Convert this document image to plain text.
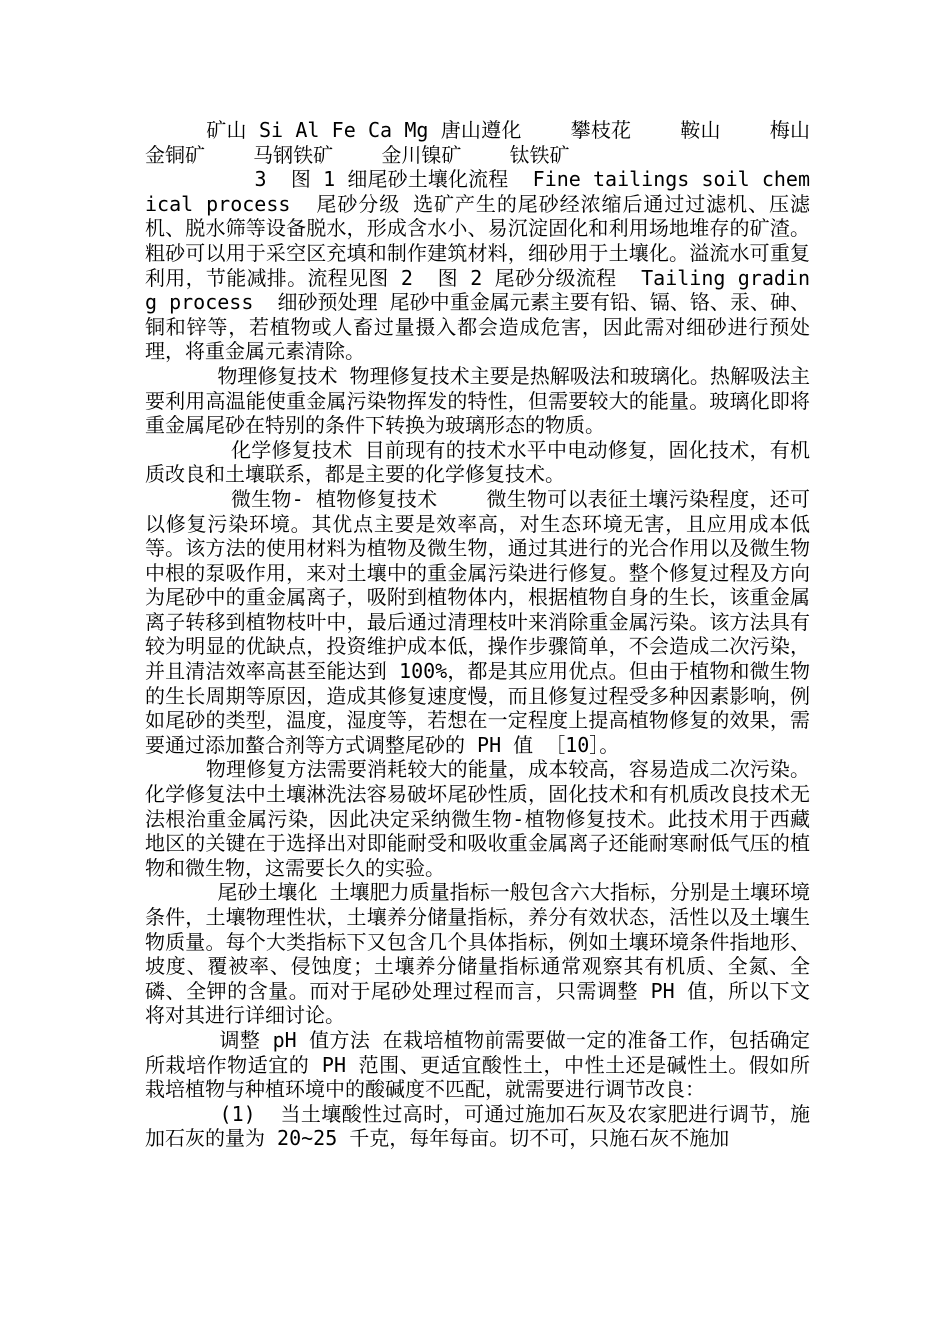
矿山 Si Al Fe Ca Mg 唐山遵化    攀枝花    鞍山    梅山金铜矿    马钢铁矿    金川镍矿    钛铁矿

3  图 1 细尾砂土壤化流程  Fine tailings soil chemical process  尾砂分级 选矿产生的尾砂经浓缩后通过过滤机、压滤机、脱水筛等设备脱水，形成含水小、易沉淀固化和利用场地堆存的矿渣。粗砂可以用于采空区充填和制作建筑材料，细砂用于土壤化。溢流水可重复利用，节能减排。流程见图 2  图 2 尾砂分级流程  Tailing grading process  细砂预处理 尾砂中重金属元素主要有铅、镉、铬、汞、砷、铜和锌等，若植物或人畜过量摄入都会造成危害，因此需对细砂进行预处理，将重金属元素清除。

物理修复技术 物理修复技术主要是热解吸法和玻璃化。热解吸法主要利用高温能使重金属污染物挥发的特性，但需要较大的能量。玻璃化即将重金属尾砂在特别的条件下转换为玻璃形态的物质。

化学修复技术 目前现有的技术水平中电动修复，固化技术，有机质改良和土壤联系，都是主要的化学修复技术。

微生物- 植物修复技术    微生物可以表征土壤污染程度，还可以修复污染环境。其优点主要是效率高，对生态环境无害，且应用成本低等。该方法的使用材料为植物及微生物，通过其进行的光合作用以及微生物中根的泵吸作用，来对土壤中的重金属污染进行修复。整个修复过程及方向为尾砂中的重金属离子，吸附到植物体内，根据植物自身的生长，该重金属离子转移到植物枝叶中，最后通过清理枝叶来消除重金属污染。该方法具有较为明显的优缺点，投资维护成本低，操作步骤简单，不会造成二次污染，并且清洁效率高甚至能达到 100%，都是其应用优点。但由于植物和微生物的生长周期等原因，造成其修复速度慢，而且修复过程受多种因素影响，例如尾砂的类型，温度，湿度等，若想在一定程度上提高植物修复的效果，需要通过添加螯合剂等方式调整尾砂的 PH 值 ［10］。

物理修复方法需要消耗较大的能量，成本较高，容易造成二次污染。化学修复法中土壤淋洗法容易破坏尾砂性质，固化技术和有机质改良技术无法根治重金属污染，因此决定采纳微生物-植物修复技术。此技术用于西藏地区的关键在于选择出对即能耐受和吸收重金属离子还能耐寒耐低气压的植物和微生物，这需要长久的实验。

尾砂土壤化 土壤肥力质量指标一般包含六大指标，分别是土壤环境条件，土壤物理性状，土壤养分储量指标，养分有效状态，活性以及土壤生物质量。每个大类指标下又包含几个具体指标，例如土壤环境条件指地形、坡度、覆被率、侵蚀度；土壤养分储量指标通常观察其有机质、全氮、全磷、全钾的含量。而对于尾砂处理过程而言，只需调整 PH 值，所以下文将对其进行详细讨论。

调整 pH 值方法 在栽培植物前需要做一定的准备工作，包括确定所栽培作物适宜的 PH 范围、更适宜酸性土，中性土还是碱性土。假如所栽培植物与种植环境中的酸碱度不匹配，就需要进行调节改良：

(1)  当土壤酸性过高时，可通过施加石灰及农家肥进行调节，施加石灰的量为 20~25 千克，每年每亩。切不可，只施石灰不施加
